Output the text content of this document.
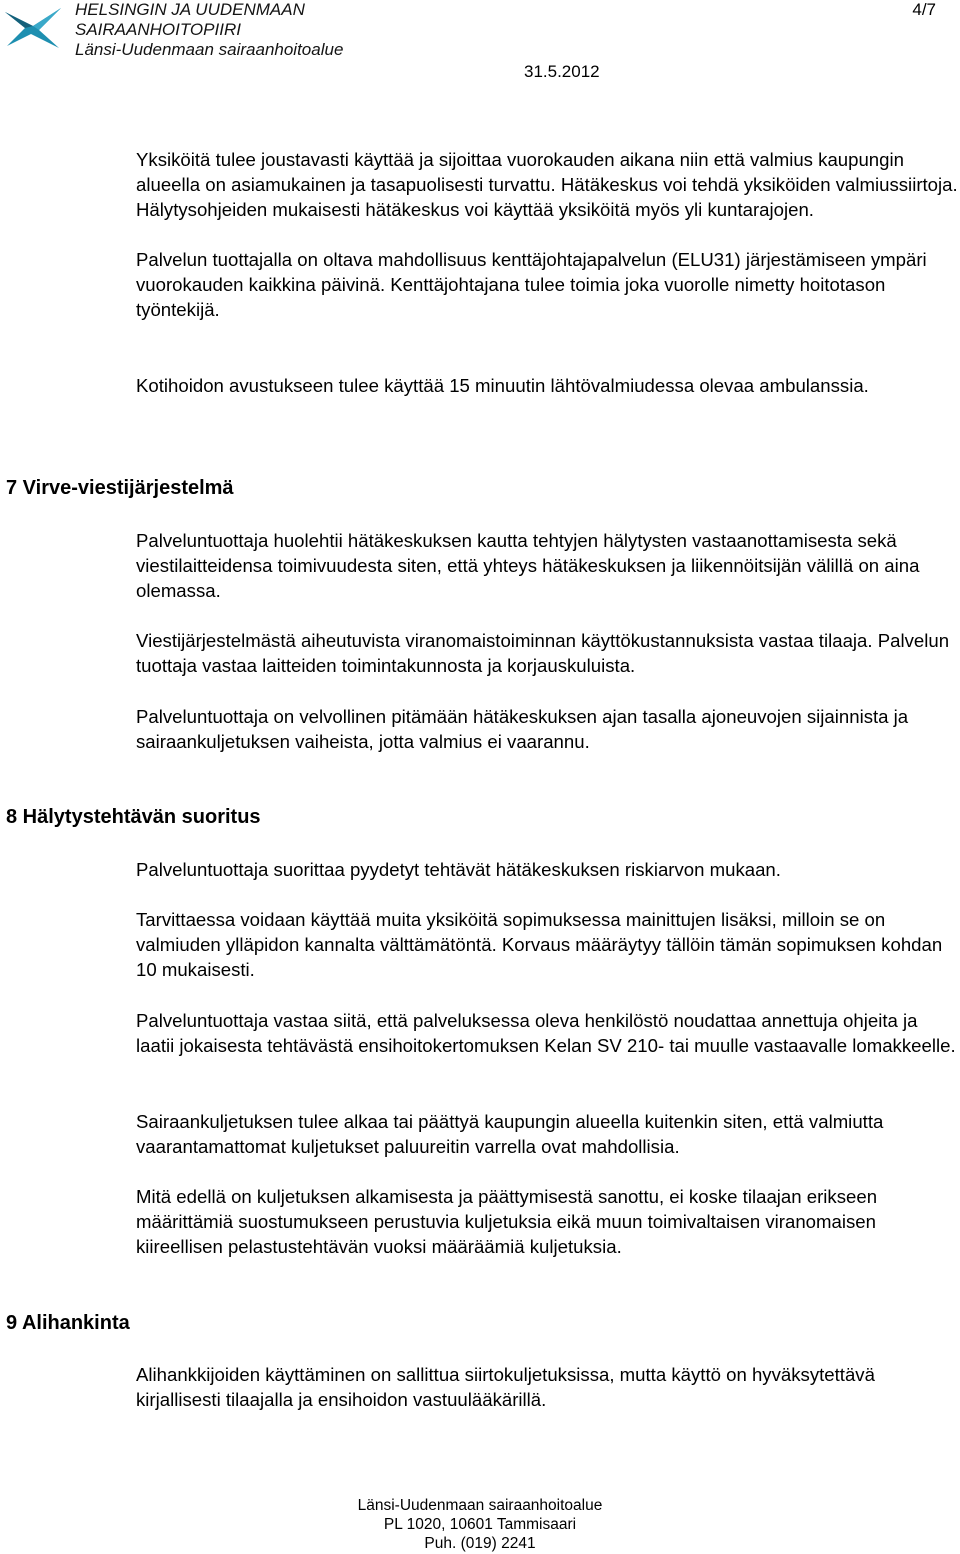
HELSINGIN JA UUDENMAAN
SAIRAANHOITOPIIRI
Länsi-Uudenmaan sairaanhoitoalue
4/7
31.5.2012

Yksiköitä tulee joustavasti käyttää ja sijoittaa vuorokauden aikana niin että valmius kaupungin alueella on asiamukainen ja tasapuolisesti turvattu. Hätäkeskus voi tehdä yksiköiden valmiussiirtoja. Hälytysohjeiden mukaisesti hätäkeskus voi käyttää yksiköitä myös yli kuntarajojen.

Palvelun tuottajalla on oltava mahdollisuus kenttäjohtajapalvelun (ELU31) järjestämiseen ympäri vuorokauden kaikkina päivinä. Kenttäjohtajana tulee toimia joka vuorolle nimetty hoitotason työntekijä.

Kotihoidon avustukseen tulee käyttää 15 minuutin lähtövalmiudessa olevaa ambulanssia.

7 Virve-viestijärjestelmä

Palveluntuottaja huolehtii hätäkeskuksen kautta tehtyjen hälytysten vastaanottamisesta sekä viestilaitteidensa toimivuudesta siten, että yhteys hätäkeskuksen ja liikennöitsijän välillä on aina olemassa.

Viestijärjestelmästä aiheutuvista viranomaistoiminnan käyttökustannuksista vastaa tilaaja. Palvelun tuottaja vastaa laitteiden toimintakunnosta ja korjauskuluista.

Palveluntuottaja on velvollinen pitämään hätäkeskuksen ajan tasalla ajoneuvojen sijainnista ja sairaankuljetuksen vaiheista, jotta valmius ei vaarannu.

8 Hälytystehtävän suoritus

Palveluntuottaja suorittaa pyydetyt tehtävät hätäkeskuksen riskiarvon mukaan.

Tarvittaessa voidaan käyttää muita yksiköitä sopimuksessa mainittujen lisäksi, milloin se on valmiuden ylläpidon kannalta välttämätöntä. Korvaus määräytyy tällöin tämän sopimuksen kohdan 10 mukaisesti.

Palveluntuottaja vastaa siitä, että palveluksessa oleva henkilöstö noudattaa annettuja ohjeita ja laatii jokaisesta tehtävästä ensihoitokertomuksen Kelan SV 210- tai muulle vastaavalle lomakkeelle.

Sairaankuljetuksen tulee alkaa tai päättyä kaupungin alueella kuitenkin siten, että valmiutta vaarantamattomat kuljetukset paluureitin varrella ovat mahdollisia.

Mitä edellä on kuljetuksen alkamisesta ja päättymisestä sanottu, ei koske tilaajan erikseen määrittämiä suostumukseen perustuvia kuljetuksia eikä muun toimivaltaisen viranomaisen kiireellisen pelastustehtävän vuoksi määräämiä kuljetuksia.

9 Alihankinta

Alihankkijoiden käyttäminen on sallittua siirtokuljetuksissa, mutta käyttö on hyväksytettävä kirjallisesti tilaajalla ja ensihoidon vastuulääkärillä.

Länsi-Uudenmaan sairaanhoitoalue
PL 1020, 10601 Tammisaari
Puh. (019) 2241
